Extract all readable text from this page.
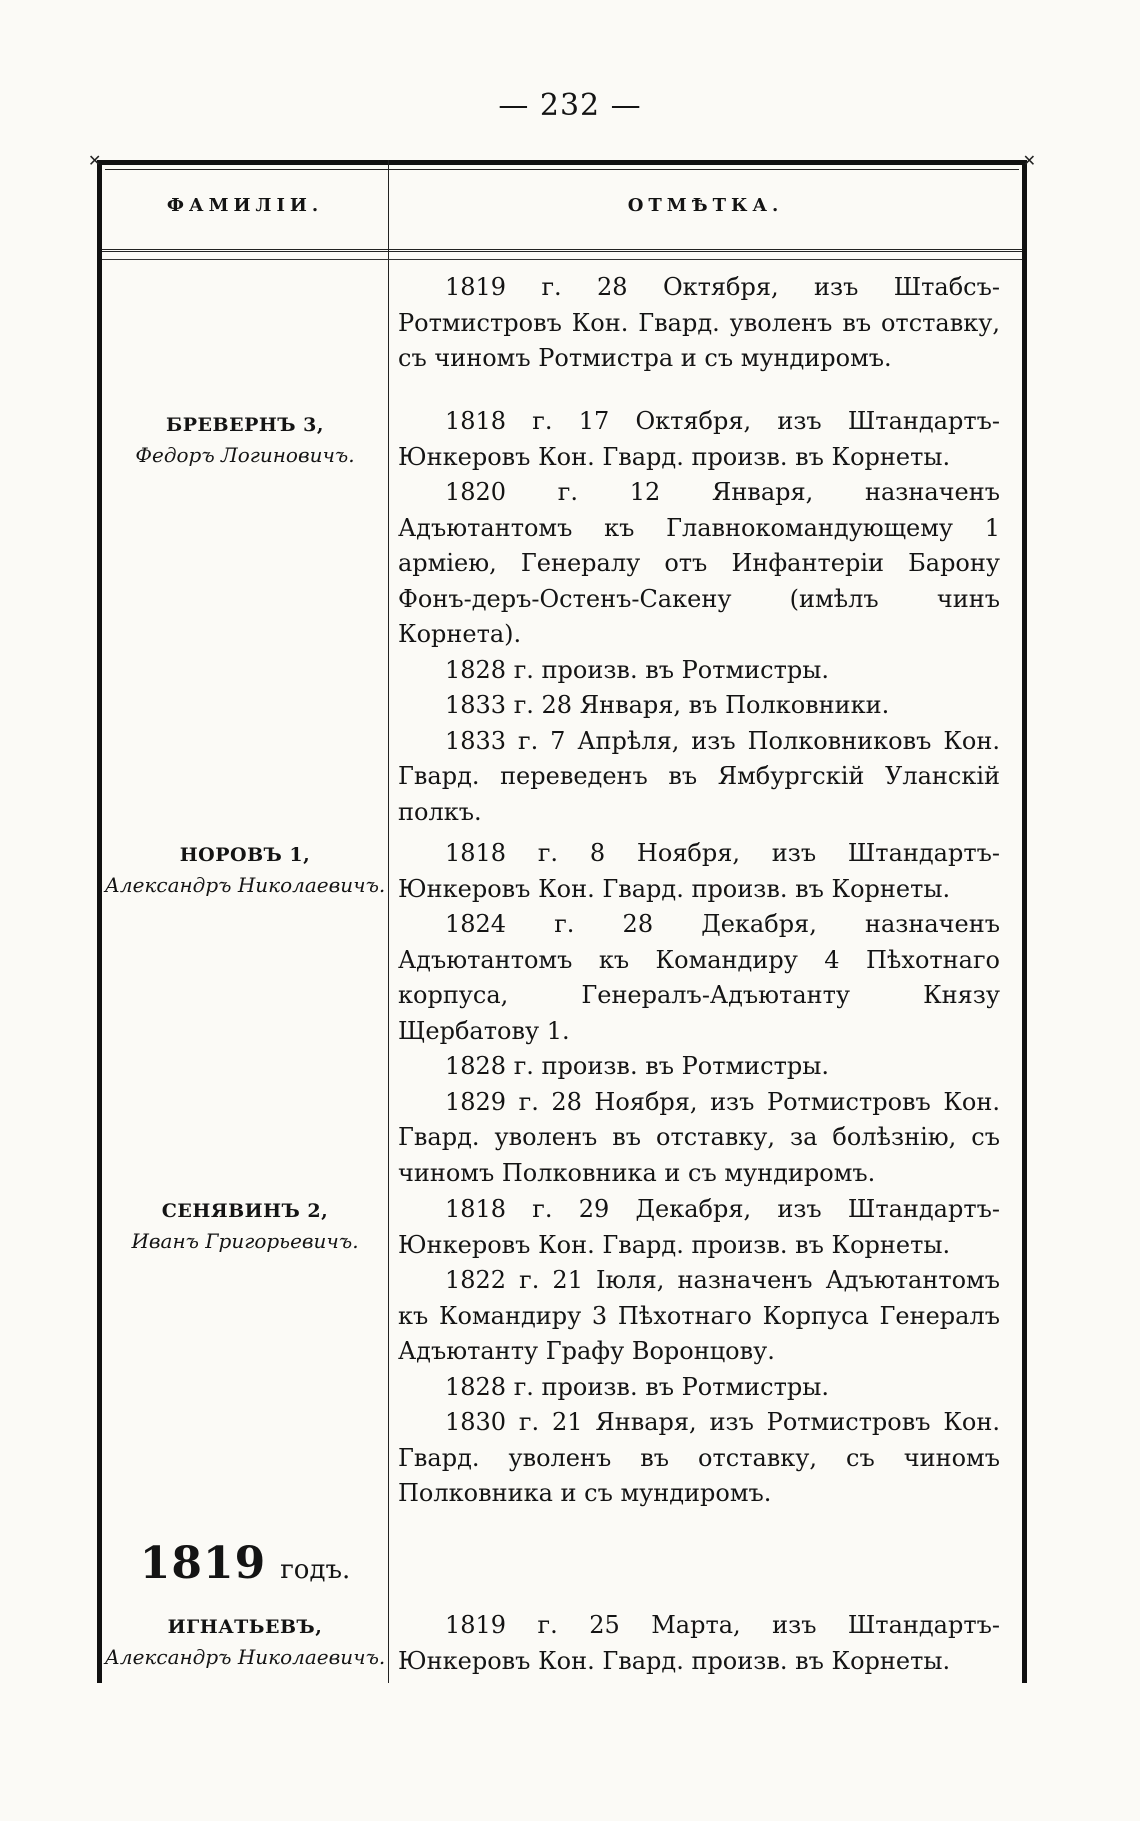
— 232 —
✕	✕
ФАМИЛІИ.	ОТМѢТКА.

1819 г. 28 Октября, изъ Штабсъ-Ротмистровъ Кон. Гвард. уволенъ въ отставку, съ чиномъ Ротмистра и съ мундиромъ.

БРЕВЕРНЪ 3,
Федоръ Логиновичъ.

1818 г. 17 Октября, изъ Штандартъ-Юнкеровъ Кон. Гвард. произв. въ Корнеты.

1820 г. 12 Января, назначенъ Адъютантомъ къ Главнокомандующему 1 арміею, Генералу отъ Инфантеріи Барону Фонъ-деръ-Остенъ-Сакену (имѣлъ чинъ Корнета).

1828 г. произв. въ Ротмистры.

1833 г. 28 Января, въ Полковники.

1833 г. 7 Апрѣля, изъ Полковниковъ Кон. Гвард. переведенъ въ Ямбургскій Уланскій полкъ.

НОРОВЪ 1,
Александръ Николаевичъ.

1818 г. 8 Ноября, изъ Штандартъ-Юнкеровъ Кон. Гвард. произв. въ Корнеты.

1824 г. 28 Декабря, назначенъ Адъютантомъ къ Командиру 4 Пѣхотнаго корпуса, Генералъ-Адъютанту Князу Щербатову 1.

1828 г. произв. въ Ротмистры.

1829 г. 28 Ноября, изъ Ротмистровъ Кон. Гвард. уволенъ въ отставку, за болѣзнію, съ чиномъ Полковника и съ мундиромъ.

СЕНЯВИНЪ 2,
Иванъ Григорьевичъ.

1818 г. 29 Декабря, изъ Штандартъ-Юнкеровъ Кон. Гвард. произв. въ Корнеты.

1822 г. 21 Іюля, назначенъ Адъютантомъ къ Командиру 3 Пѣхотнаго Корпуса Генералъ Адъютанту Графу Воронцову.

1828 г. произв. въ Ротмистры.

1830 г. 21 Января, изъ Ротмистровъ Кон. Гвард. уволенъ въ отставку, съ чиномъ Полковника и съ мундиромъ.

1819 годъ.
ИГНАТЬЕВЪ,
Александръ Николаевичъ.

1819 г. 25 Марта, изъ Штандартъ-Юнкеровъ Кон. Гвард. произв. въ Корнеты.
